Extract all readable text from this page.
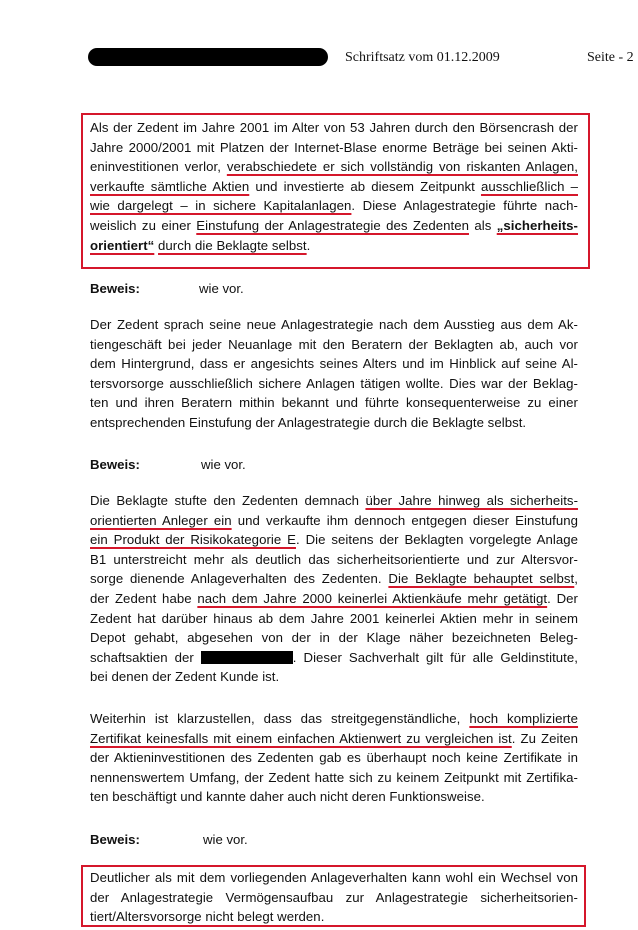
Schriftsatz vom 01.12.2009	Seite - 2
Als der Zedent im Jahre 2001 im Alter von 53 Jahren durch den Börsencrash der
Jahre 2000/2001 mit Platzen der Internet-Blase enorme Beträge bei seinen Akti-
eninvestitionen verlor, verabschiedete er sich vollständig von riskanten Anlagen,
verkaufte sämtliche Aktien und investierte ab diesem Zeitpunkt ausschließlich –
wie dargelegt – in sichere Kapitalanlagen. Diese Anlagestrategie führte nach-
weislich zu einer Einstufung der Anlagestrategie des Zedenten als „sicherheits-
orientiert“ durch die Beklagte selbst.
Beweis:	wie vor.
Der Zedent sprach seine neue Anlagestrategie nach dem Ausstieg aus dem Ak-
tiengeschäft bei jeder Neuanlage mit den Beratern der Beklagten ab, auch vor
dem Hintergrund, dass er angesichts seines Alters und im Hinblick auf seine Al-
tersvorsorge ausschließlich sichere Anlagen tätigen wollte. Dies war der Beklag-
ten und ihren Beratern mithin bekannt und führte konsequenterweise zu einer
entsprechenden Einstufung der Anlagestrategie durch die Beklagte selbst.
Beweis:	wie vor.
Die Beklagte stufte den Zedenten demnach über Jahre hinweg als sicherheits-
orientierten Anleger ein und verkaufte ihm dennoch entgegen dieser Einstufung
ein Produkt der Risikokategorie E. Die seitens der Beklagten vorgelegte Anlage
B1 unterstreicht mehr als deutlich das sicherheitsorientierte und zur Altersvor-
sorge dienende Anlageverhalten des Zedenten. Die Beklagte behauptet selbst,
der Zedent habe nach dem Jahre 2000 keinerlei Aktienkäufe mehr getätigt. Der
Zedent hat darüber hinaus ab dem Jahre 2001 keinerlei Aktien mehr in seinem
Depot gehabt, abgesehen von der in der Klage näher bezeichneten Beleg-
schaftsaktien der	. Dieser Sachverhalt gilt für alle Geldinstitute,
bei denen der Zedent Kunde ist.
Weiterhin ist klarzustellen, dass das streitgegenständliche, hoch komplizierte
Zertifikat keinesfalls mit einem einfachen Aktienwert zu vergleichen ist. Zu Zeiten
der Aktieninvestitionen des Zedenten gab es überhaupt noch keine Zertifikate in
nennenswertem Umfang, der Zedent hatte sich zu keinem Zeitpunkt mit Zertifika-
ten beschäftigt und kannte daher auch nicht deren Funktionsweise.
Beweis:	wie vor.
Deutlicher als mit dem vorliegenden Anlageverhalten kann wohl ein Wechsel von
der Anlagestrategie Vermögensaufbau zur Anlagestrategie sicherheitsorien-
tiert/Altersvorsorge nicht belegt werden.
